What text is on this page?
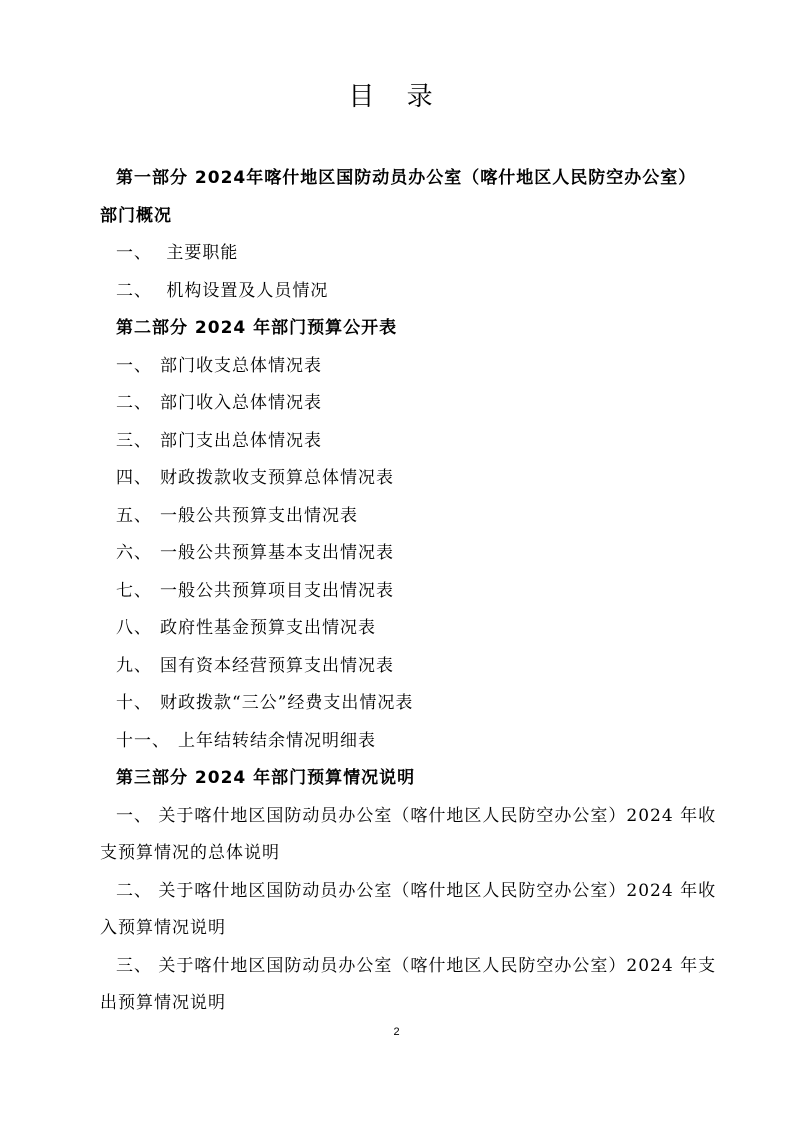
目 录
第一部分 2024年喀什地区国防动员办公室（喀什地区人民防空办公室）
部门概况
一、 主要职能
二、 机构设置及人员情况
第二部分 2024 年部门预算公开表
一、 部门收支总体情况表
二、 部门收入总体情况表
三、 部门支出总体情况表
四、 财政拨款收支预算总体情况表
五、 一般公共预算支出情况表
六、 一般公共预算基本支出情况表
七、 一般公共预算项目支出情况表
八、 政府性基金预算支出情况表
九、 国有资本经营预算支出情况表
十、 财政拨款“三公”经费支出情况表
十一、 上年结转结余情况明细表
第三部分 2024 年部门预算情况说明
一、 关于喀什地区国防动员办公室（喀什地区人民防空办公室）2024 年收
支预算情况的总体说明
二、 关于喀什地区国防动员办公室（喀什地区人民防空办公室）2024 年收
入预算情况说明
三、 关于喀什地区国防动员办公室（喀什地区人民防空办公室）2024 年支
出预算情况说明
2
